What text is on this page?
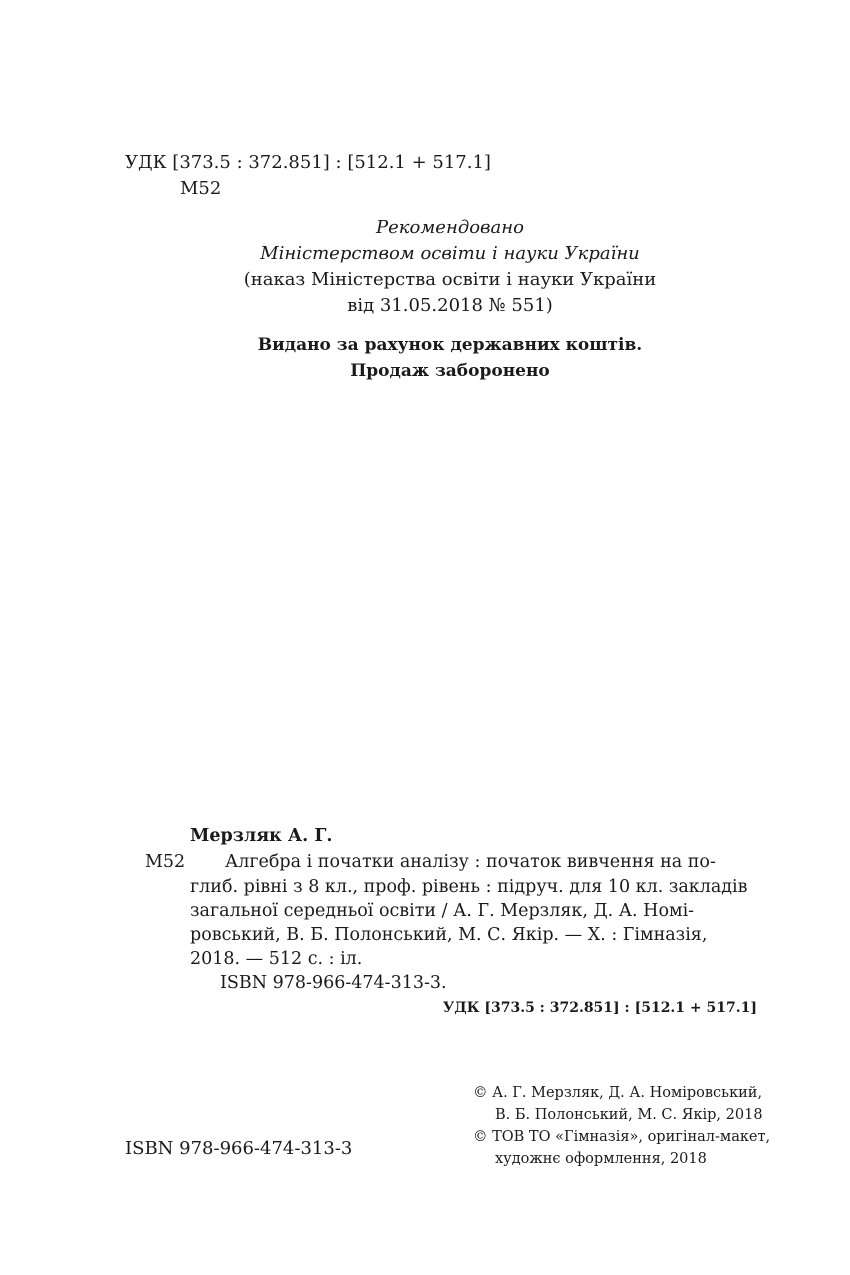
УДК [373.5 : 372.851] : [512.1 + 517.1]
М52
Рекомендовано
Міністерством освіти і науки України
(наказ Міністерства освіти і науки України
від 31.05.2018 № 551)
Видано за рахунок державних коштів.
Продаж заборонено
Мерзляк А. Г.
М52 Алгебра і початки аналізу : початок вивчення на по-
глиб. рівні з 8 кл., проф. рівень : підруч. для 10 кл. закладів
загальної середньої освіти / А. Г. Мерзляк, Д. А. Номі-
ровський, В. Б. Полонський, М. С. Якір. — Х. : Гімназія,
2018. — 512 с. : іл.
ISBN 978-966-474-313-3.
УДК [373.5 : 372.851] : [512.1 + 517.1]
ISBN 978-966-474-313-3
© А. Г. Мерзляк, Д. А. Номіровський,
В. Б. Полонський, М. С. Якір, 2018
© ТОВ ТО «Гімназія», оригінал-макет,
художнє оформлення, 2018
